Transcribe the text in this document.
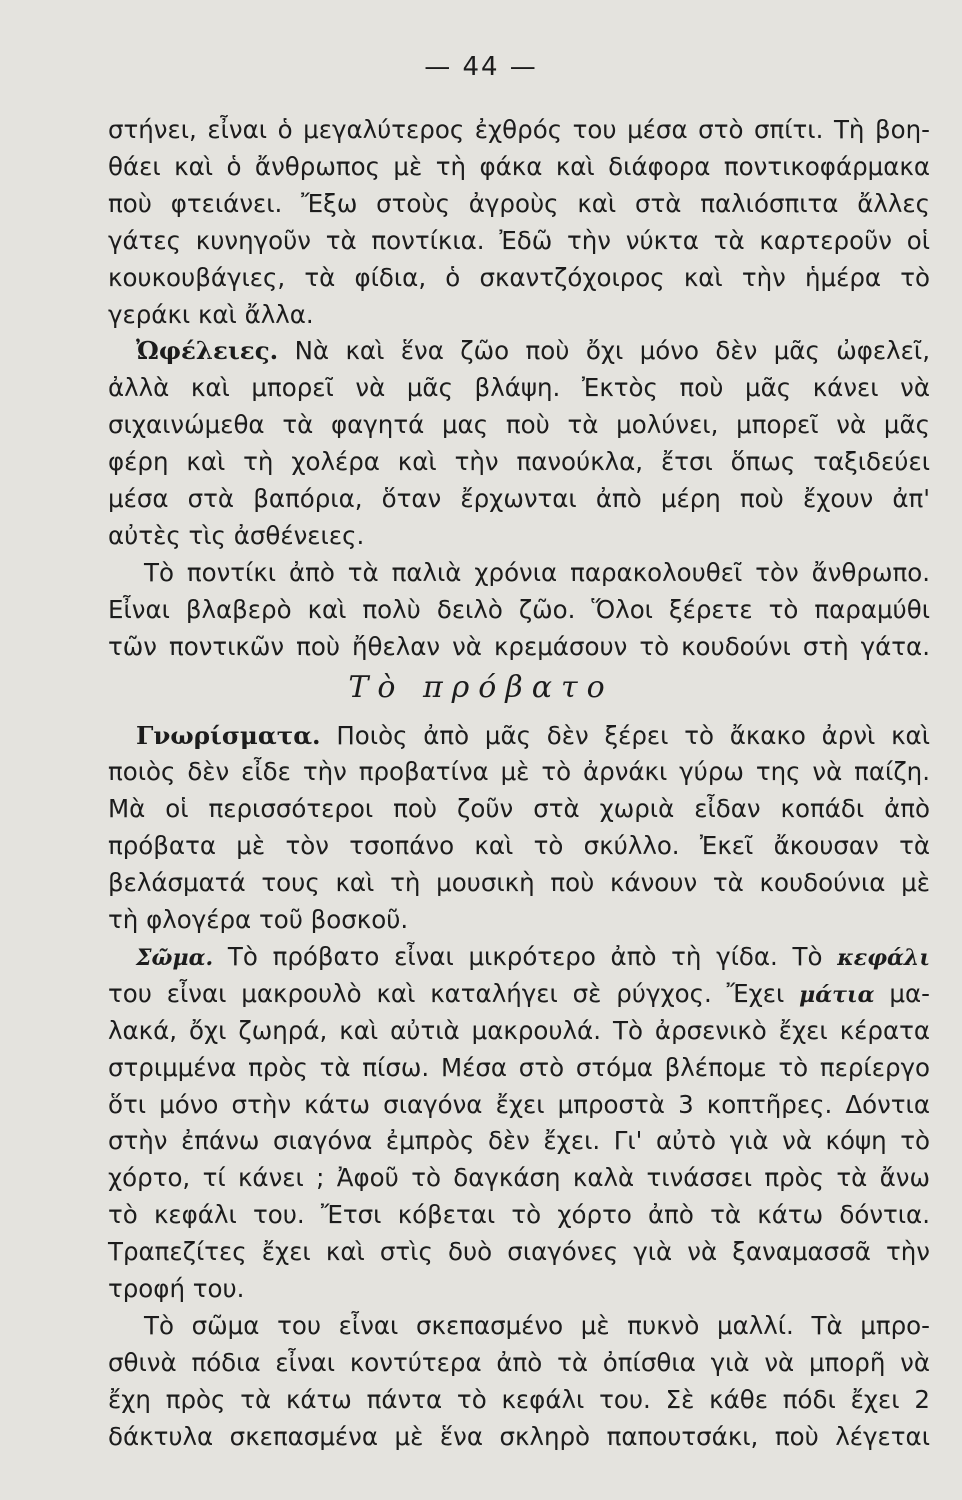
— 44 —
στήνει, εἶναι ὁ μεγαλύτερος ἐχθρός του μέσα στὸ σπίτι. Τὴ βοη-
θάει καὶ ὁ ἄνθρωπος μὲ τὴ φάκα καὶ διάφορα ποντικοφάρμακα
ποὺ φτειάνει. Ἔξω στοὺς ἀγροὺς καὶ στὰ παλιόσπιτα ἄλλες
γάτες κυνηγοῦν τὰ ποντίκια. Ἐδῶ τὴν νύκτα τὰ καρτεροῦν οἱ
κουκουβάγιες, τὰ φίδια, ὁ σκαντζόχοιρος καὶ τὴν ἡμέρα τὸ
γεράκι καὶ ἄλλα.
Ὠφέλειες. Νὰ καὶ ἕνα ζῶο ποὺ ὄχι μόνο δὲν μᾶς ὠφελεῖ,
ἀλλὰ καὶ μπορεῖ νὰ μᾶς βλάψη. Ἐκτὸς ποὺ μᾶς κάνει νὰ
σιχαινώμεθα τὰ φαγητά μας ποὺ τὰ μολύνει, μπορεῖ νὰ μᾶς
φέρη καὶ τὴ χολέρα καὶ τὴν πανούκλα, ἔτσι ὅπως ταξιδεύει
μέσα στὰ βαπόρια, ὅταν ἔρχωνται ἀπὸ μέρη ποὺ ἔχουν ἀπ'
αὐτὲς τὶς ἀσθένειες.
Τὸ ποντίκι ἀπὸ τὰ παλιὰ χρόνια παρακολουθεῖ τὸν ἄνθρωπο.
Εἶναι βλαβερὸ καὶ πολὺ δειλὸ ζῶο. Ὅλοι ξέρετε τὸ παραμύθι
τῶν ποντικῶν ποὺ ἤθελαν νὰ κρεμάσουν τὸ κουδούνι στὴ γάτα.
Τὸ πρόβατο
Γνωρίσματα. Ποιὸς ἀπὸ μᾶς δὲν ξέρει τὸ ἄκακο ἀρνὶ καὶ
ποιὸς δὲν εἶδε τὴν προβατίνα μὲ τὸ ἀρνάκι γύρω της νὰ παίζη.
Μὰ οἱ περισσότεροι ποὺ ζοῦν στὰ χωριὰ εἶδαν κοπάδι ἀπὸ
πρόβατα μὲ τὸν τσοπάνο καὶ τὸ σκύλλο. Ἐκεῖ ἄκουσαν τὰ
βελάσματά τους καὶ τὴ μουσικὴ ποὺ κάνουν τὰ κουδούνια μὲ
τὴ φλογέρα τοῦ βοσκοῦ.
Σῶμα. Τὸ πρόβατο εἶναι μικρότερο ἀπὸ τὴ γίδα. Τὸ κεφάλι
του εἶναι μακρουλὸ καὶ καταλήγει σὲ ρύγχος. Ἔχει μάτια μα-
λακά, ὄχι ζωηρά, καὶ αὐτιὰ μακρουλά. Τὸ ἀρσενικὸ ἔχει κέρατα
στριμμένα πρὸς τὰ πίσω. Μέσα στὸ στόμα βλέπομε τὸ περίεργο
ὅτι μόνο στὴν κάτω σιαγόνα ἔχει μπροστὰ 3 κοπτῆρες. Δόντια
στὴν ἐπάνω σιαγόνα ἐμπρὸς δὲν ἔχει. Γι' αὐτὸ γιὰ νὰ κόψη τὸ
χόρτο, τί κάνει ; Ἀφοῦ τὸ δαγκάση καλὰ τινάσσει πρὸς τὰ ἄνω
τὸ κεφάλι του. Ἔτσι κόβεται τὸ χόρτο ἀπὸ τὰ κάτω δόντια.
Τραπεζίτες ἔχει καὶ στὶς δυὸ σιαγόνες γιὰ νὰ ξαναμασσᾶ τὴν
τροφή του.
Τὸ σῶμα του εἶναι σκεπασμένο μὲ πυκνὸ μαλλί. Τὰ μπρο-
σθινὰ πόδια εἶναι κοντύτερα ἀπὸ τὰ ὀπίσθια γιὰ νὰ μπορῆ νὰ
ἔχη πρὸς τὰ κάτω πάντα τὸ κεφάλι του. Σὲ κάθε πόδι ἔχει 2
δάκτυλα σκεπασμένα μὲ ἕνα σκληρὸ παπουτσάκι, ποὺ λέγεται
